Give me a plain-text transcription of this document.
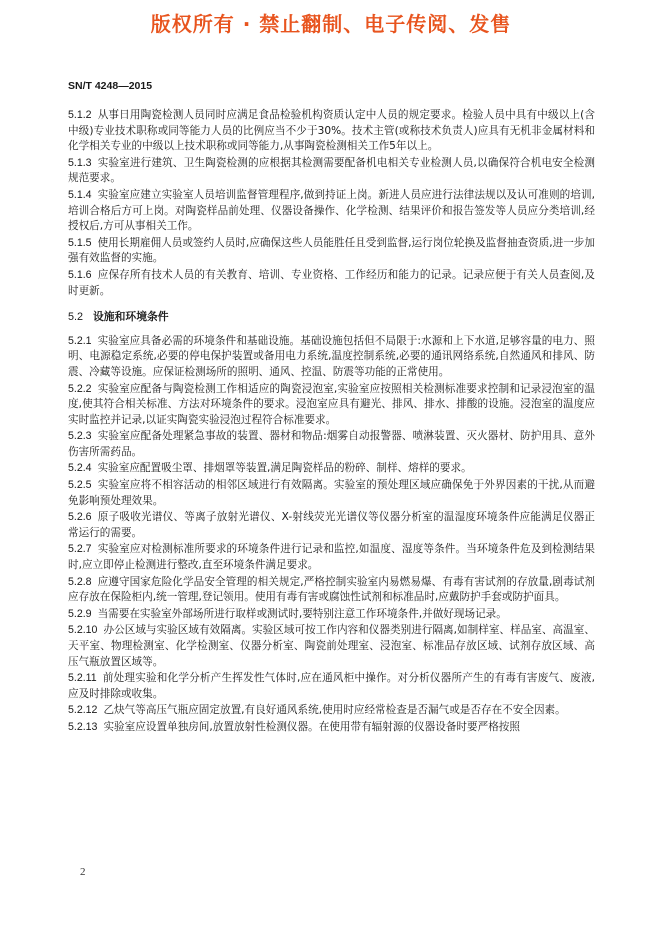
版权所有 · 禁止翻制、电子传阅、发售
SN/T 4248—2015

5.1.2 从事日用陶瓷检测人员同时应满足食品检验机构资质认定中人员的规定要求。检验人员中具有中级以上(含中级)专业技术职称或同等能力人员的比例应当不少于30%。技术主管(或称技术负责人)应具有无机非金属材料和化学相关专业的中级以上技术职称或同等能力,从事陶瓷检测相关工作5年以上。

5.1.3 实验室进行建筑、卫生陶瓷检测的应根据其检测需要配备机电相关专业检测人员,以确保符合机电安全检测规范要求。

5.1.4 实验室应建立实验室人员培训监督管理程序,做到持证上岗。新进人员应进行法律法规以及认可准则的培训,培训合格后方可上岗。对陶瓷样品前处理、仪器设备操作、化学检测、结果评价和报告签发等人员应分类培训,经授权后,方可从事相关工作。

5.1.5 使用长期雇佣人员或签约人员时,应确保这些人员能胜任且受到监督,运行岗位轮换及监督抽查资质,进一步加强有效监督的实施。

5.1.6 应保存所有技术人员的有关教育、培训、专业资格、工作经历和能力的记录。记录应便于有关人员查阅,及时更新。

5.2 设施和环境条件

5.2.1 实验室应具备必需的环境条件和基础设施。基础设施包括但不局限于:水源和上下水道,足够容量的电力、照明、电源稳定系统,必要的停电保护装置或备用电力系统,温度控制系统,必要的通讯网络系统,自然通风和排风、防震、冷藏等设施。应保证检测场所的照明、通风、控温、防震等功能的正常使用。

5.2.2 实验室应配备与陶瓷检测工作相适应的陶瓷浸泡室,实验室应按照相关检测标准要求控制和记录浸泡室的温度,使其符合相关标准、方法对环境条件的要求。浸泡室应具有避光、排风、排水、排酸的设施。浸泡室的温度应实时监控并记录,以证实陶瓷实验浸泡过程符合标准要求。

5.2.3 实验室应配备处理紧急事故的装置、器材和物品:烟雾自动报警器、喷淋装置、灭火器材、防护用具、意外伤害所需药品。

5.2.4 实验室应配置吸尘罩、排烟罩等装置,满足陶瓷样品的粉碎、制样、熔样的要求。

5.2.5 实验室应将不相容活动的相邻区域进行有效隔离。实验室的预处理区域应确保免于外界因素的干扰,从而避免影响预处理效果。

5.2.6 原子吸收光谱仪、等离子放射光谱仪、X-射线荧光光谱仪等仪器分析室的温湿度环境条件应能满足仪器正常运行的需要。

5.2.7 实验室应对检测标准所要求的环境条件进行记录和监控,如温度、湿度等条件。当环境条件危及到检测结果时,应立即停止检测进行整改,直至环境条件满足要求。

5.2.8 应遵守国家危险化学品安全管理的相关规定,严格控制实验室内易燃易爆、有毒有害试剂的存放量,剧毒试剂应存放在保险柜内,统一管理,登记领用。使用有毒有害或腐蚀性试剂和标准品时,应戴防护手套或防护面具。

5.2.9 当需要在实验室外部场所进行取样或测试时,要特别注意工作环境条件,并做好现场记录。

5.2.10 办公区域与实验区域有效隔离。实验区域可按工作内容和仪器类别进行隔离,如制样室、样品室、高温室、天平室、物理检测室、化学检测室、仪器分析室、陶瓷前处理室、浸泡室、标准品存放区域、试剂存放区域、高压气瓶放置区域等。

5.2.11 前处理实验和化学分析产生挥发性气体时,应在通风柜中操作。对分析仪器所产生的有毒有害废气、废液,应及时排除或收集。

5.2.12 乙炔气等高压气瓶应固定放置,有良好通风系统,使用时应经常检查是否漏气或是否存在不安全因素。

5.2.13 实验室应设置单独房间,放置放射性检测仪器。在使用带有辐射源的仪器设备时要严格按照

2
